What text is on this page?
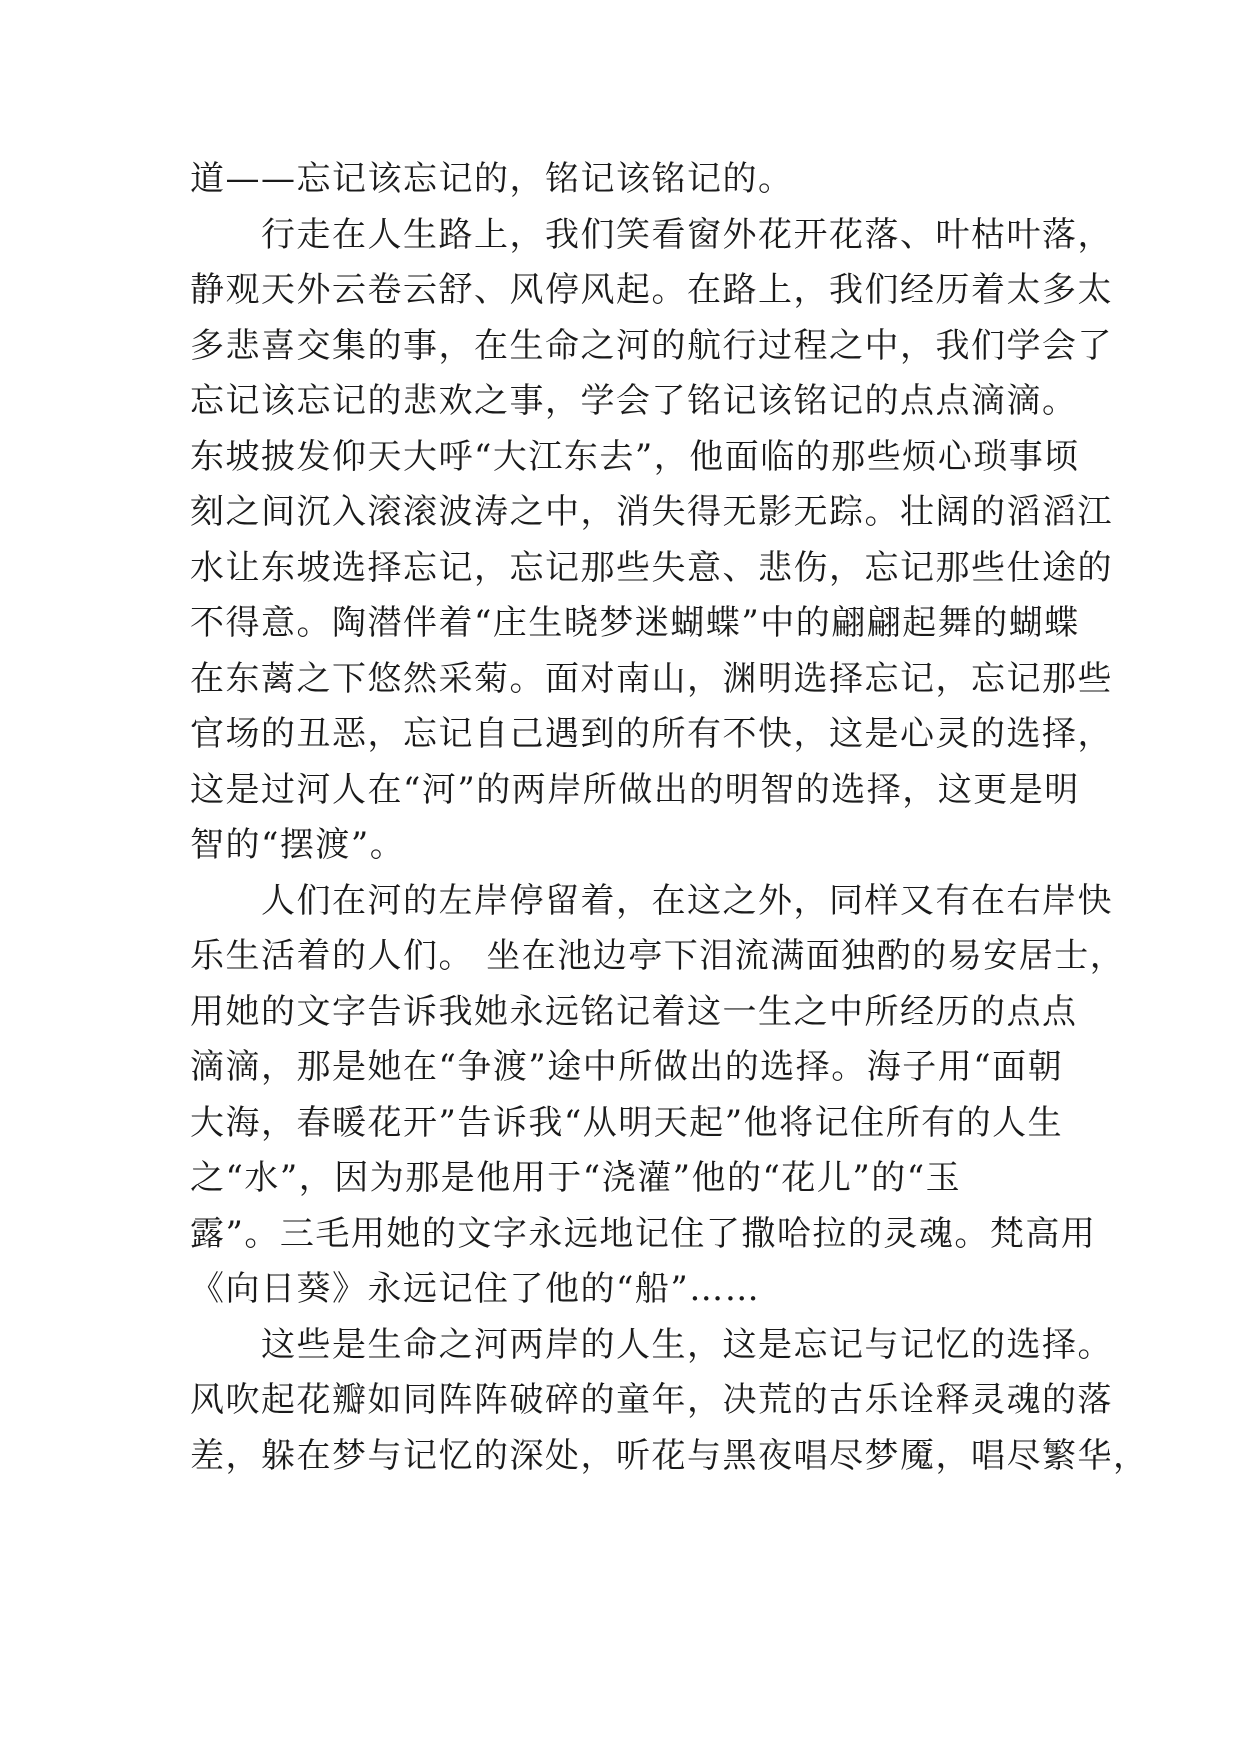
道——忘记该忘记的，铭记该铭记的。
　　行走在人生路上，我们笑看窗外花开花落、叶枯叶落，
静观天外云卷云舒、风停风起。在路上，我们经历着太多太
多悲喜交集的事，在生命之河的航行过程之中，我们学会了
忘记该忘记的悲欢之事，学会了铭记该铭记的点点滴滴。
东坡披发仰天大呼“大江东去”，他面临的那些烦心琐事顷
刻之间沉入滚滚波涛之中，消失得无影无踪。壮阔的滔滔江
水让东坡选择忘记，忘记那些失意、悲伤，忘记那些仕途的
不得意。陶潜伴着“庄生晓梦迷蝴蝶”中的翩翩起舞的蝴蝶
在东蓠之下悠然采菊。面对南山，渊明选择忘记，忘记那些
官场的丑恶，忘记自己遇到的所有不快，这是心灵的选择，
这是过河人在“河”的两岸所做出的明智的选择，这更是明
智的“摆渡”。
　　人们在河的左岸停留着，在这之外，同样又有在右岸快
乐生活着的人们。 坐在池边亭下泪流满面独酌的易安居士，
用她的文字告诉我她永远铭记着这一生之中所经历的点点
滴滴，那是她在“争渡”途中所做出的选择。海子用“面朝
大海，春暖花开”告诉我“从明天起”他将记住所有的人生
之“水”，因为那是他用于“浇灌”他的“花儿”的“玉
露”。三毛用她的文字永远地记住了撒哈拉的灵魂。梵高用
《向日葵》永远记住了他的“船”……
　　这些是生命之河两岸的人生，这是忘记与记忆的选择。
风吹起花瓣如同阵阵破碎的童年，决荒的古乐诠释灵魂的落
差，躲在梦与记忆的深处，听花与黑夜唱尽梦魇，唱尽繁华，
